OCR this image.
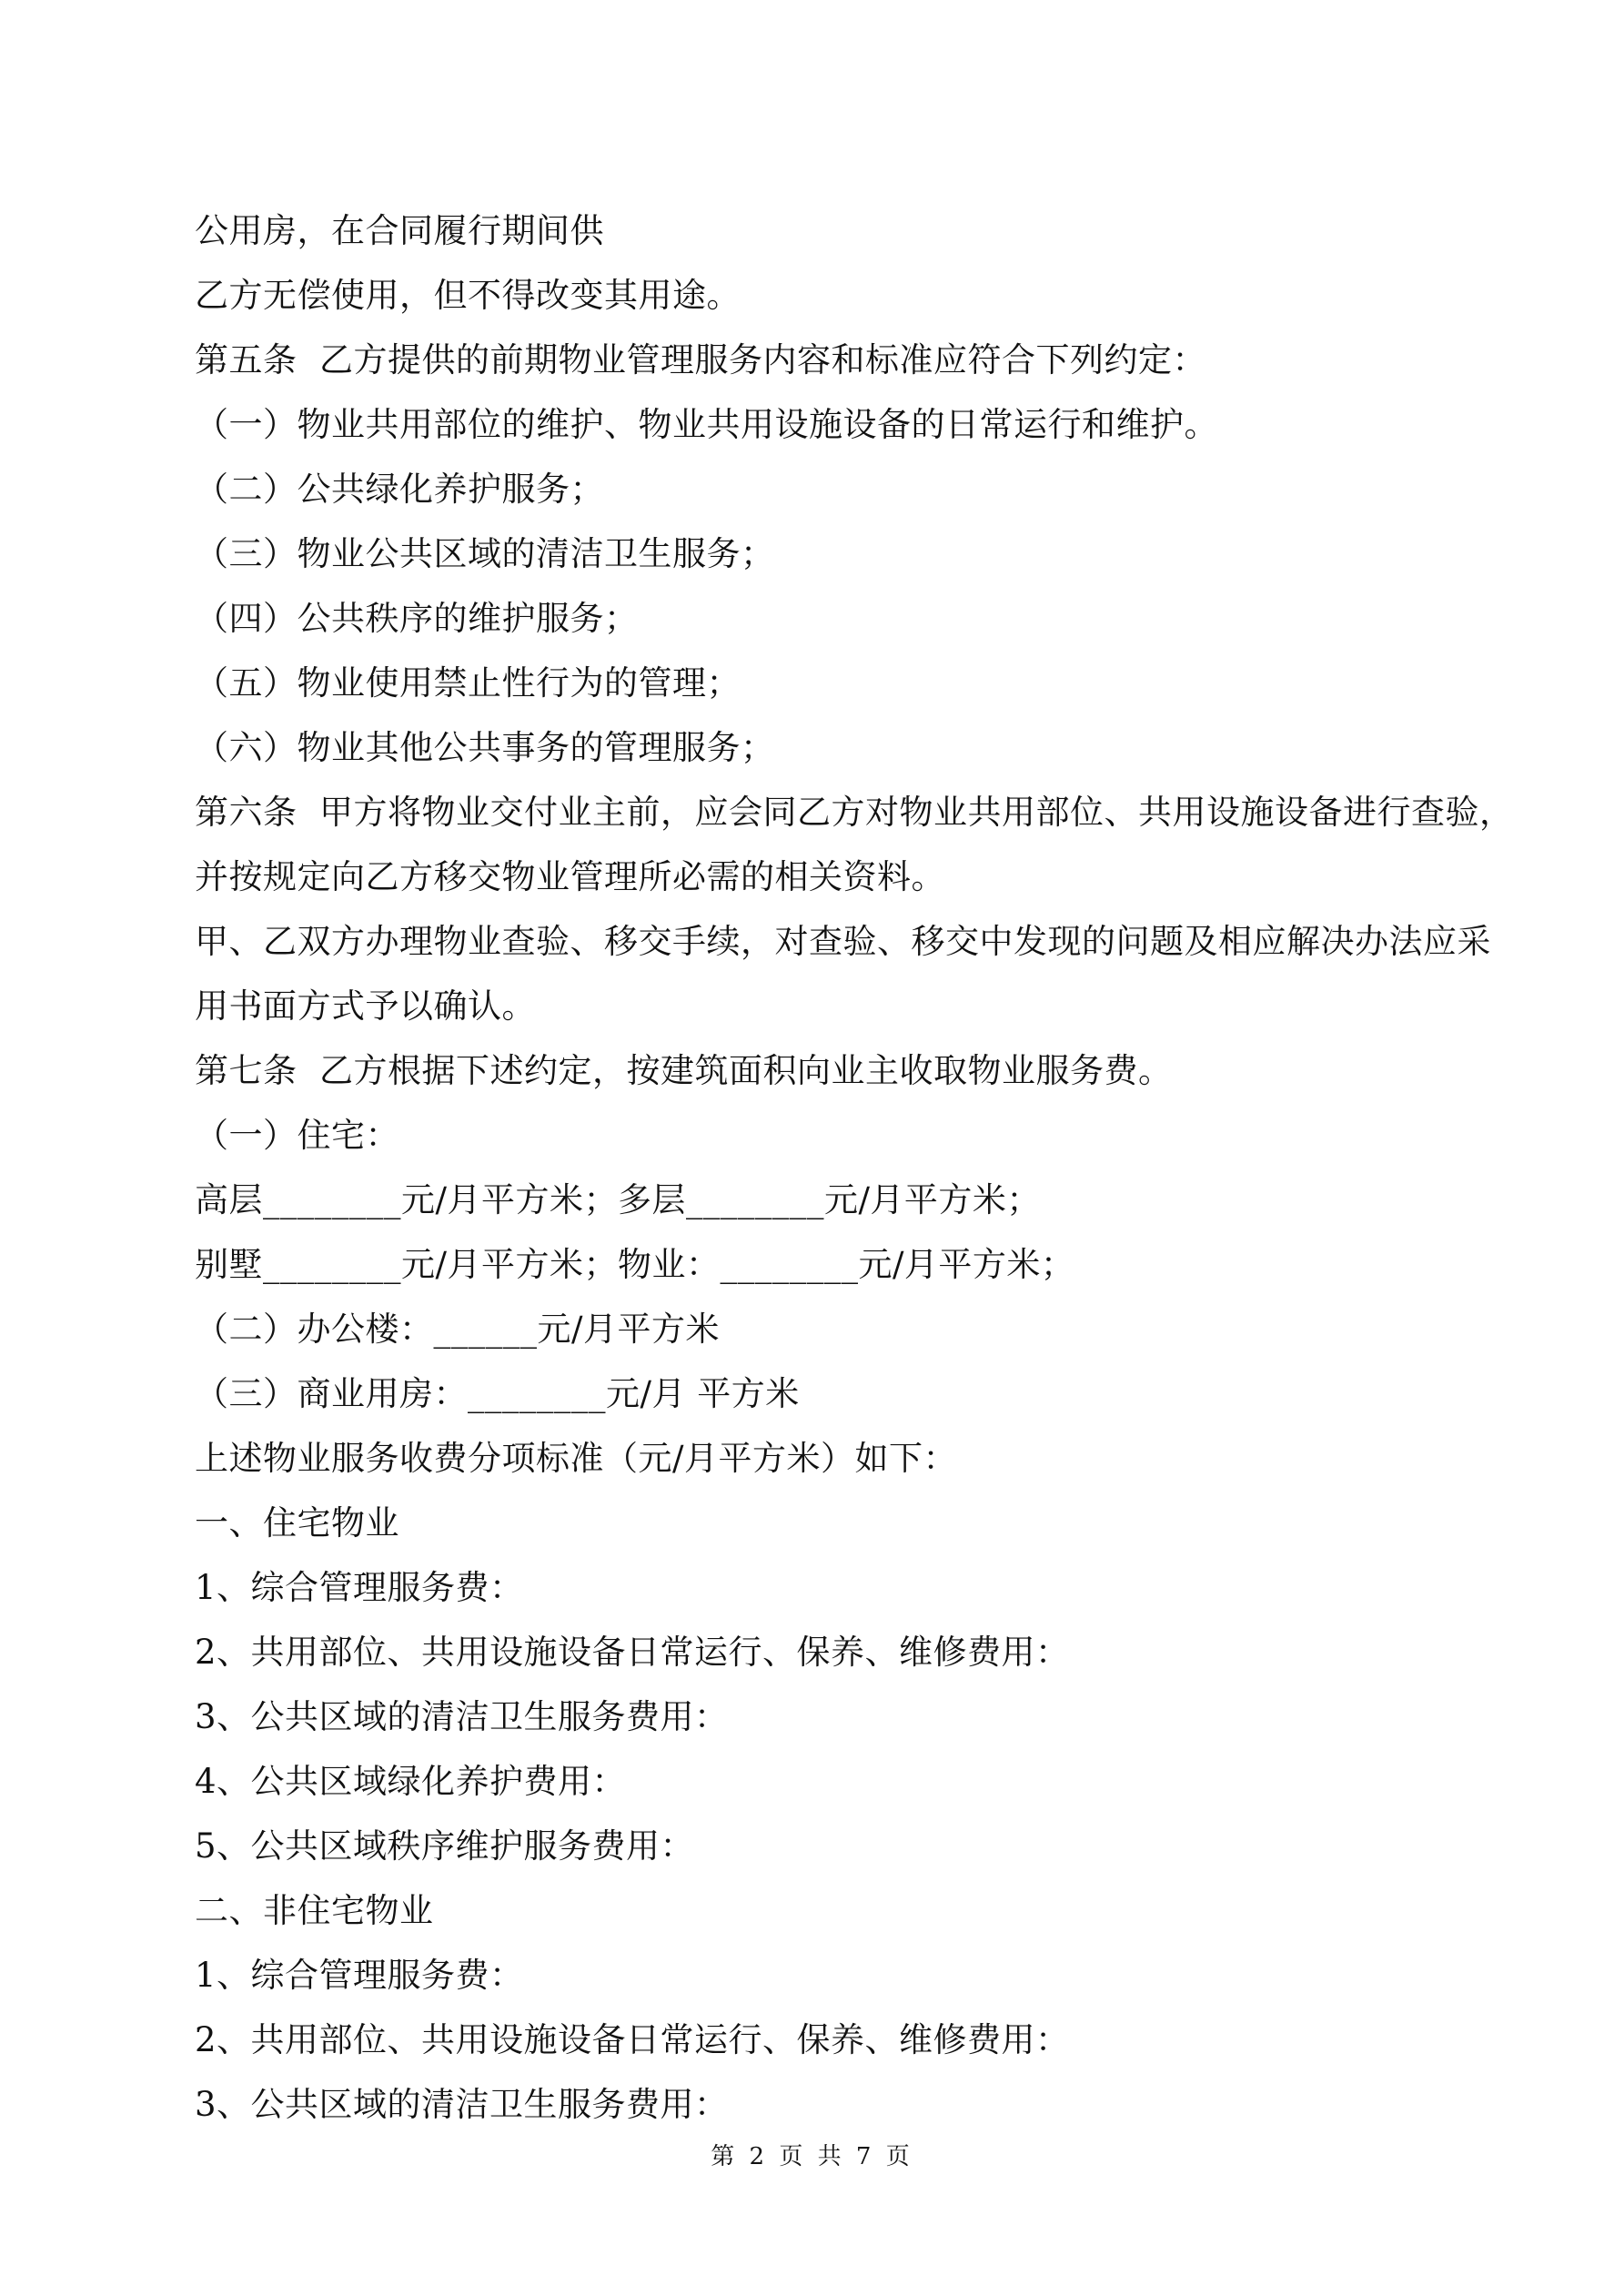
公用房，在合同履行期间供
乙方无偿使用，但不得改变其用途。
第五条  乙方提供的前期物业管理服务内容和标准应符合下列约定：
（一）物业共用部位的维护、物业共用设施设备的日常运行和维护。
（二）公共绿化养护服务；
（三）物业公共区域的清洁卫生服务；
（四）公共秩序的维护服务；
（五）物业使用禁止性行为的管理；
（六）物业其他公共事务的管理服务；
第六条  甲方将物业交付业主前，应会同乙方对物业共用部位、共用设施设备进行查验，
并按规定向乙方移交物业管理所必需的相关资料。
甲、乙双方办理物业查验、移交手续，对查验、移交中发现的问题及相应解决办法应采
用书面方式予以确认。
第七条  乙方根据下述约定，按建筑面积向业主收取物业服务费。
（一）住宅：
高层________元/月平方米；多层________元/月平方米；
别墅________元/月平方米；物业：________元/月平方米；
（二）办公楼：______元/月平方米
（三）商业用房：________元/月 平方米
上述物业服务收费分项标准（元/月平方米）如下：
一、住宅物业
1、综合管理服务费：
2、共用部位、共用设施设备日常运行、保养、维修费用：
3、公共区域的清洁卫生服务费用：
4、公共区域绿化养护费用：
5、公共区域秩序维护服务费用：
二、非住宅物业
1、综合管理服务费：
2、共用部位、共用设施设备日常运行、保养、维修费用：
3、公共区域的清洁卫生服务费用：
第 2 页 共 7 页
